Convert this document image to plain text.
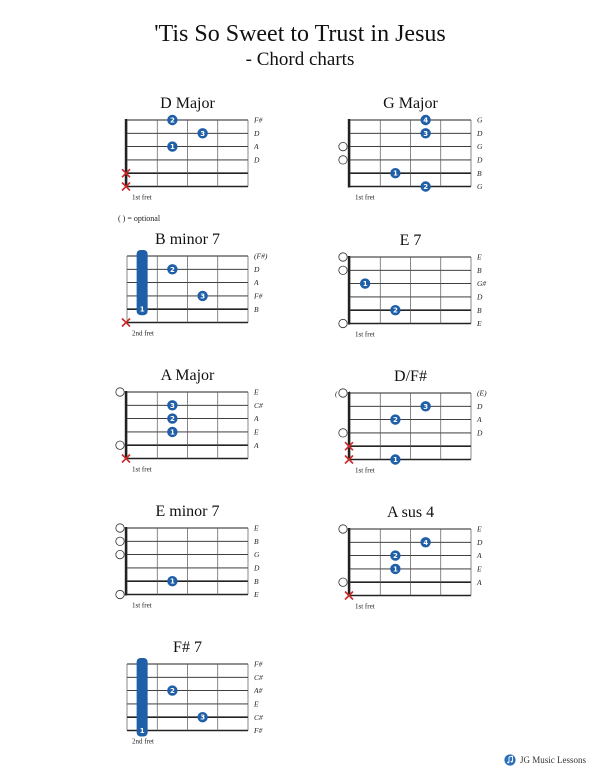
'Tis So Sweet to Trust in Jesus
- Chord charts
( ) = optional
D Major
F#
D
A
D
1st fret
2
3
1
G Major
G
D
G
D
B
G
1st fret
4
3
1
2
B minor 7
(F#)
D
A
F#
B
2nd fret
1
2
3
E 7
E
B
G#
D
B
E
1st fret
1
2
A Major
E
C#
A
E
A
1st fret
3
2
1
D/F#
(E)
D
A
D
1st fret
( )
3
2
1
E minor 7
E
B
G
D
B
E
1st fret
1
A sus 4
E
D
A
E
A
1st fret
4
2
1
F# 7
F#
C#
A#
E
C#
F#
2nd fret
1
2
3
JG Music Lessons
